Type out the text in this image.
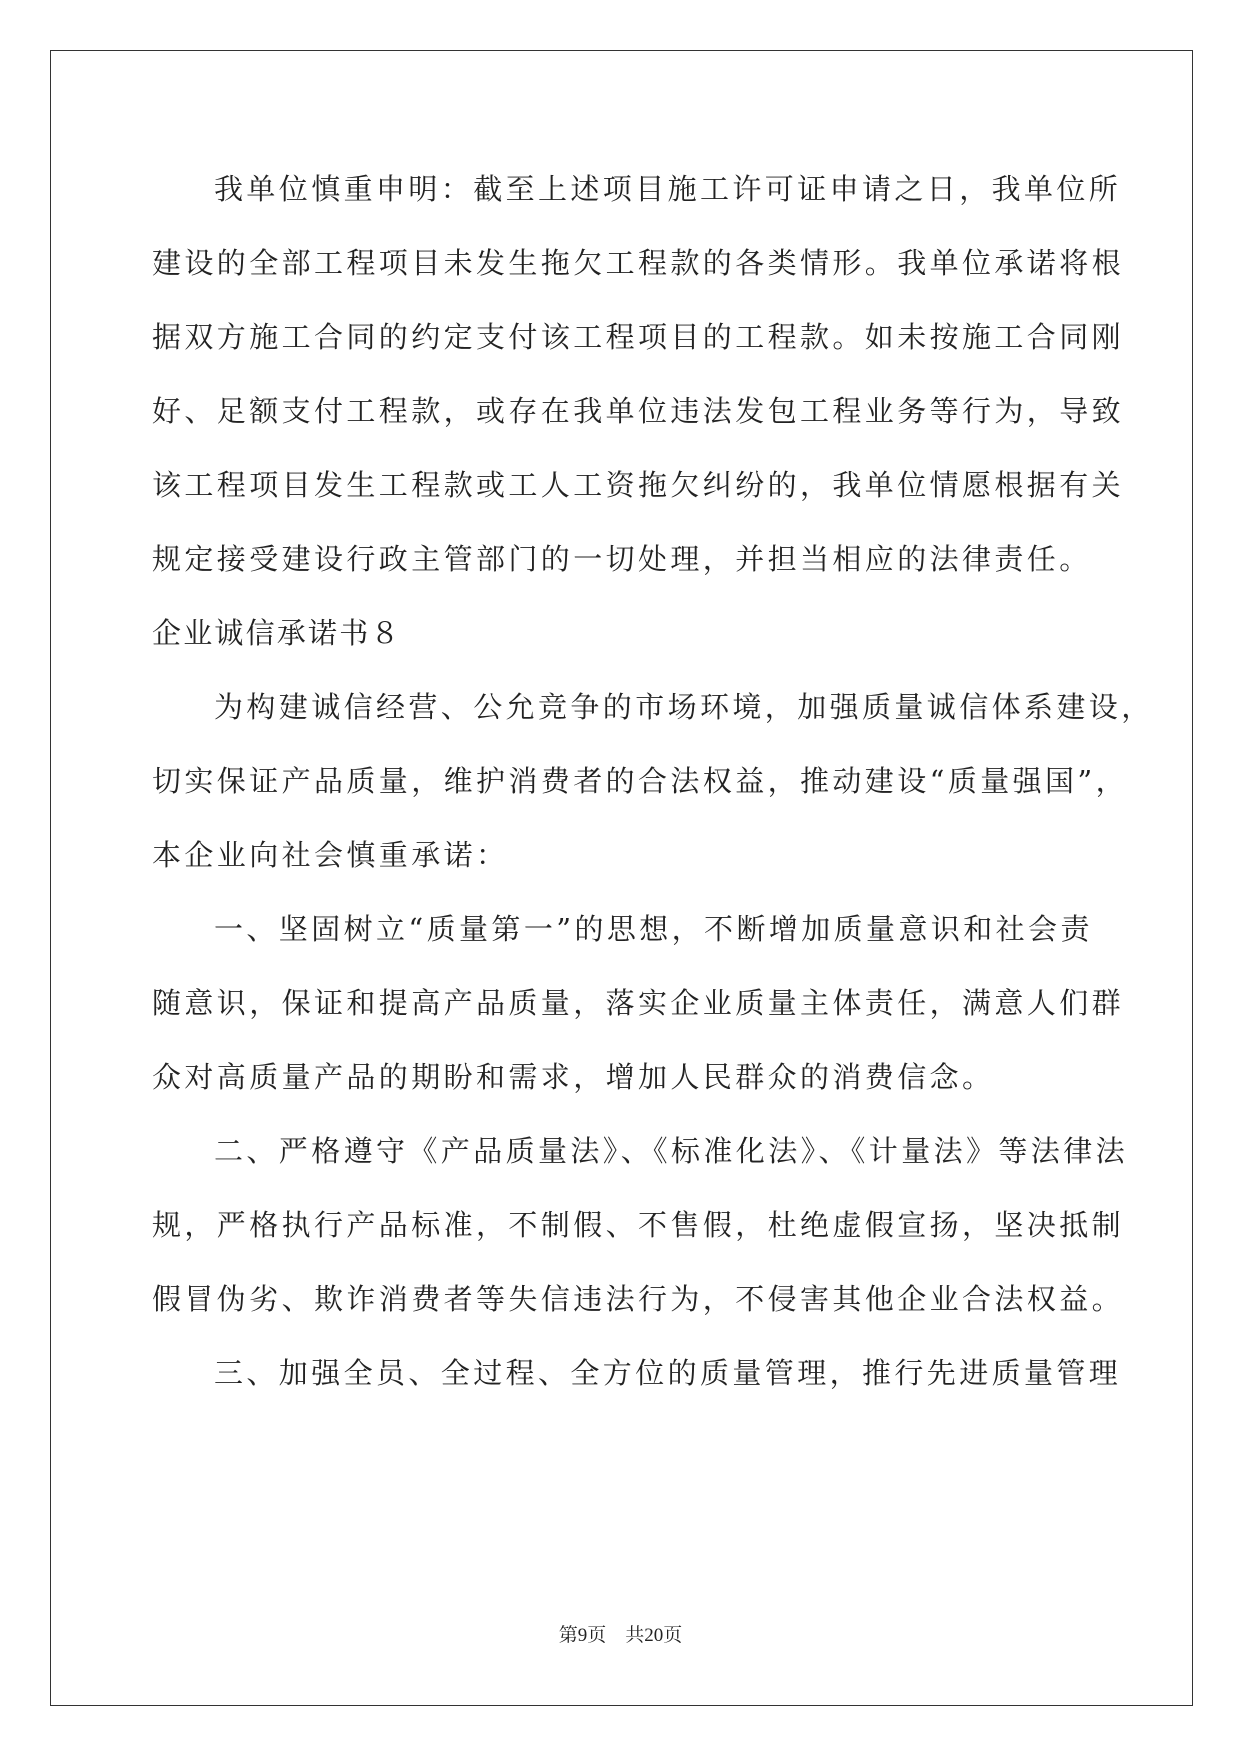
我单位慎重申明：截至上述项目施工许可证申请之日，我单位所
建设的全部工程项目未发生拖欠工程款的各类情形。我单位承诺将根
据双方施工合同的约定支付该工程项目的工程款。如未按施工合同刚
好、足额支付工程款，或存在我单位违法发包工程业务等行为，导致
该工程项目发生工程款或工人工资拖欠纠纷的，我单位情愿根据有关
规定接受建设行政主管部门的一切处理，并担当相应的法律责任。
企业诚信承诺书８
为构建诚信经营、公允竞争的市场环境，加强质量诚信体系建设，
切实保证产品质量，维护消费者的合法权益，推动建设“质量强国”，
本企业向社会慎重承诺：
一、坚固树立“质量第一”的思想，不断增加质量意识和社会责
随意识，保证和提高产品质量，落实企业质量主体责任，满意人们群
众对高质量产品的期盼和需求，增加人民群众的消费信念。
二、严格遵守《产品质量法》、《标准化法》、《计量法》等法律法
规，严格执行产品标准，不制假、不售假，杜绝虚假宣扬，坚决抵制
假冒伪劣、欺诈消费者等失信违法行为，不侵害其他企业合法权益。
三、加强全员、全过程、全方位的质量管理，推行先进质量管理
第9页 共20页
